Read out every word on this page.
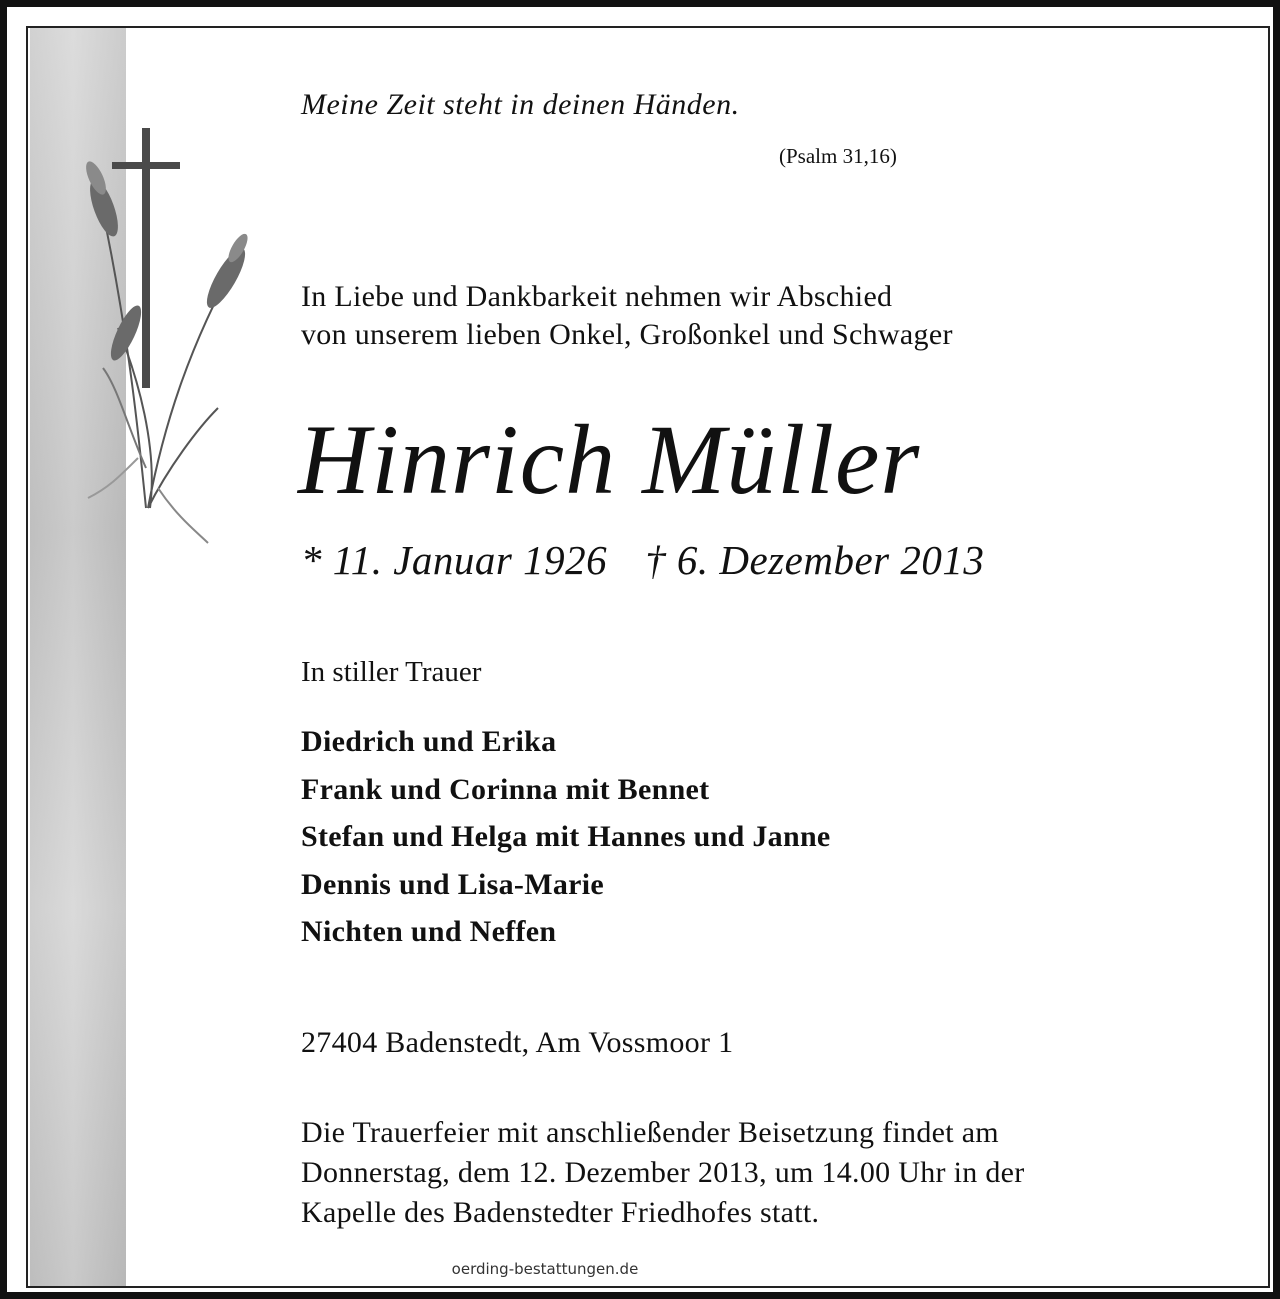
Meine Zeit steht in deinen Händen.
(Psalm 31,16)
In Liebe und Dankbarkeit nehmen wir Abschied
von unserem lieben Onkel, Großonkel und Schwager
Hinrich Müller
* 11. Januar 1926 † 6. Dezember 2013
In stiller Trauer
Diedrich und Erika
Frank und Corinna mit Bennet
Stefan und Helga mit Hannes und Janne
Dennis und Lisa-Marie
Nichten und Neffen
27404 Badenstedt, Am Vossmoor 1
Die Trauerfeier mit anschließender Beisetzung findet am
Donnerstag, dem 12. Dezember 2013, um 14.00 Uhr in der
Kapelle des Badenstedter Friedhofes statt.
oerding-bestattungen.de
